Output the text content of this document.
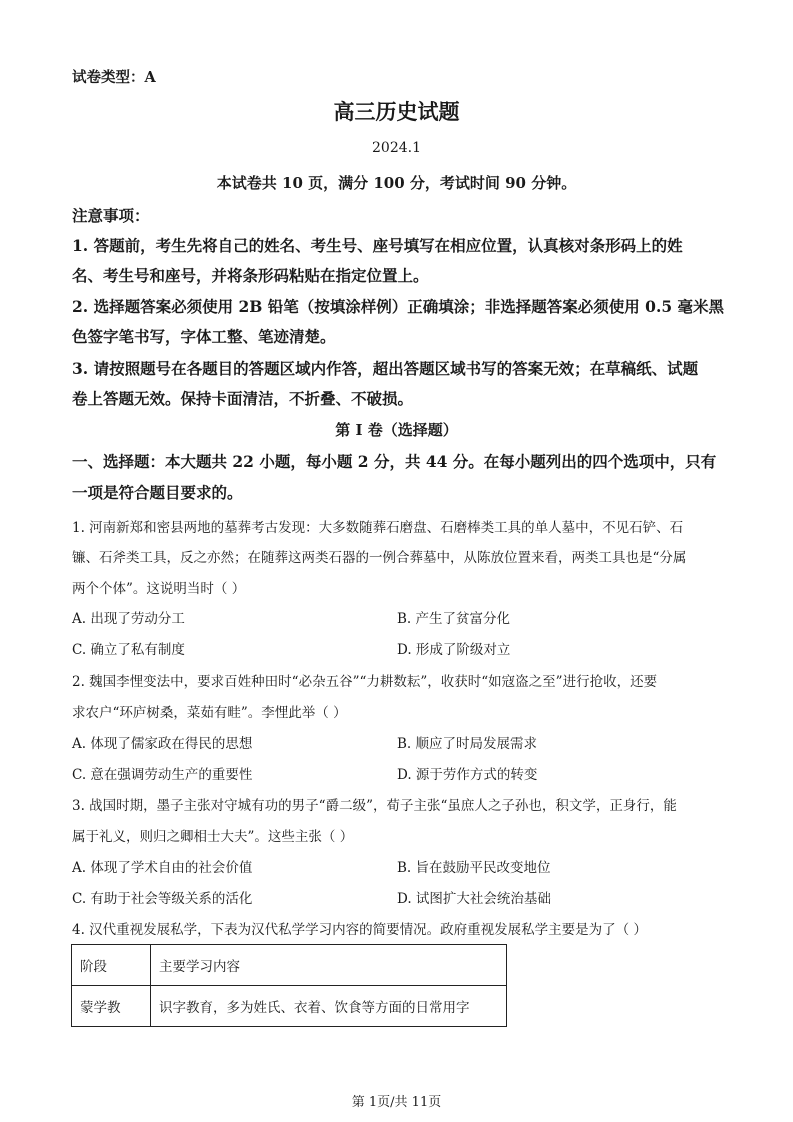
试卷类型：A
高三历史试题
2024.1
本试卷共 10 页，满分 100 分，考试时间 90 分钟。
注意事项：
1. 答题前，考生先将自己的姓名、考生号、座号填写在相应位置，认真核对条形码上的姓
名、考生号和座号，并将条形码粘贴在指定位置上。
2. 选择题答案必须使用 2B 铅笔（按填涂样例）正确填涂；非选择题答案必须使用 0.5 毫米黑
色签字笔书写，字体工整、笔迹清楚。
3. 请按照题号在各题目的答题区域内作答，超出答题区域书写的答案无效；在草稿纸、试题
卷上答题无效。保持卡面清洁，不折叠、不破损。
第 I 卷（选择题）
一、选择题：本大题共 22 小题，每小题 2 分，共 44 分。在每小题列出的四个选项中，只有
一项是符合题目要求的。
1. 河南新郑和密县两地的墓葬考古发现：大多数随葬石磨盘、石磨棒类工具的单人墓中，不见石铲、石
镰、石斧类工具，反之亦然；在随葬这两类石器的一例合葬墓中，从陈放位置来看，两类工具也是“分属
两个个体”。这说明当时（ ）
A. 出现了劳动分工	B. 产生了贫富分化
C. 确立了私有制度	D. 形成了阶级对立
2. 魏国李悝变法中，要求百姓种田时“必杂五谷”“力耕数耘”，收获时“如寇盗之至”进行抢收，还要
求农户“环庐树桑，菜茹有畦”。李悝此举（ ）
A. 体现了儒家政在得民的思想	B. 顺应了时局发展需求
C. 意在强调劳动生产的重要性	D. 源于劳作方式的转变
3. 战国时期，墨子主张对守城有功的男子“爵二级”，荀子主张“虽庶人之子孙也，积文学，正身行，能
属于礼义，则归之卿相士大夫”。这些主张（ ）
A. 体现了学术自由的社会价值	B. 旨在鼓励平民改变地位
C. 有助于社会等级关系的活化	D. 试图扩大社会统治基础
4. 汉代重视发展私学，下表为汉代私学学习内容的简要情况。政府重视发展私学主要是为了（ ）
阶段	主要学习内容
蒙学教	识字教育，多为姓氏、衣着、饮食等方面的日常用字
第 1页/共 11页
